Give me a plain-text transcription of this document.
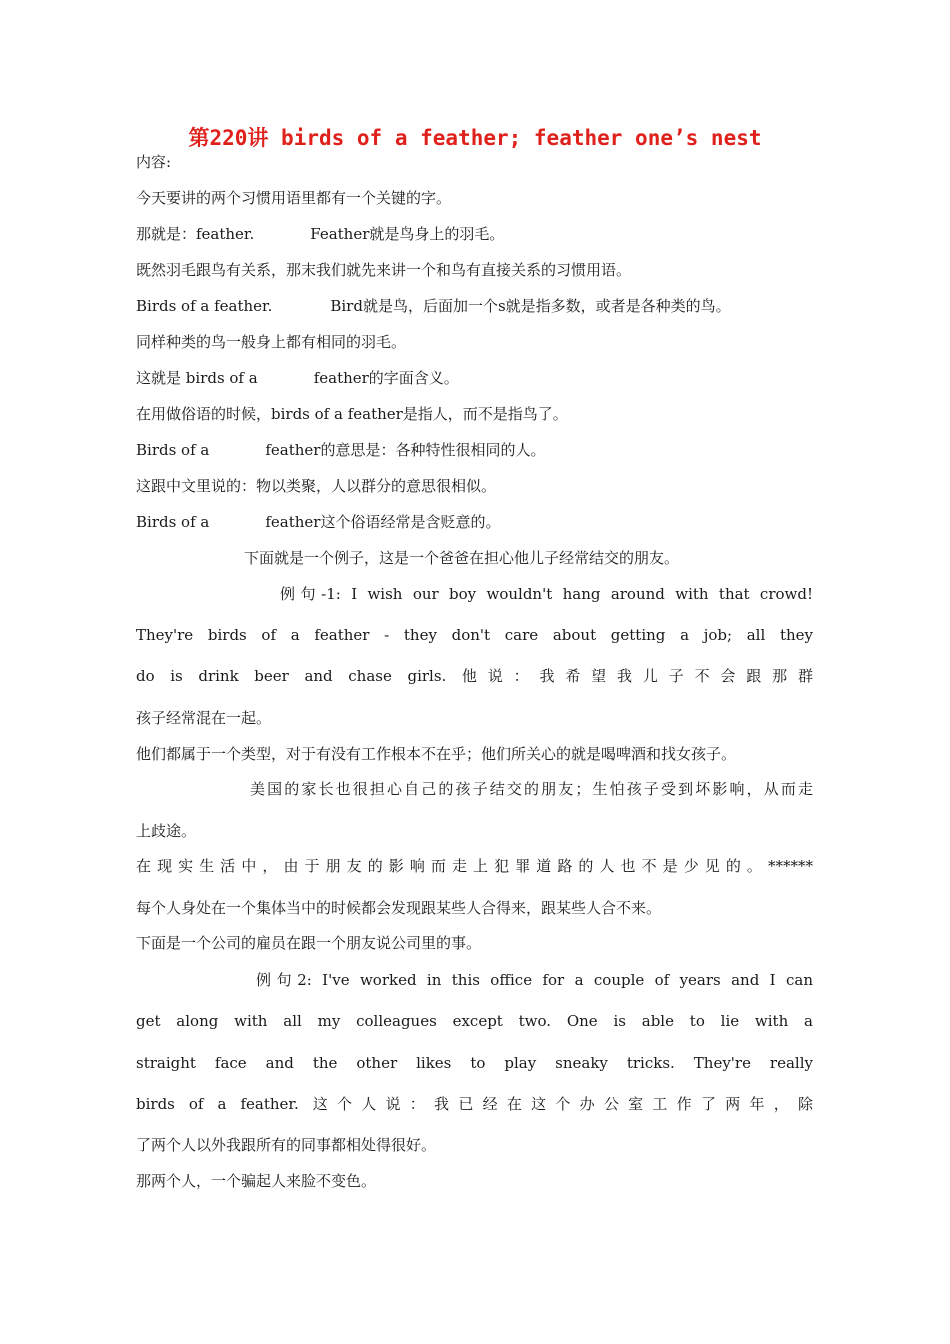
第220讲 birds of a feather; feather one’s nest
内容:
今天要讲的两个习惯用语里都有一个关键的字。
那就是：feather.	Feather就是鸟身上的羽毛。
既然羽毛跟鸟有关系，那末我们就先来讲一个和鸟有直接关系的习惯用语。
Birds of a feather.	Bird就是鸟，后面加一个s就是指多数，或者是各种类的鸟。
同样种类的鸟一般身上都有相同的羽毛。
这就是 birds of a	feather的字面含义。
在用做俗语的时候，birds of a feather是指人，而不是指鸟了。
Birds of a	feather的意思是：各种特性很相同的人。
这跟中文里说的：物以类聚，人以群分的意思很相似。
Birds of a	feather这个俗语经常是含贬意的。
下面就是一个例子，这是一个爸爸在担心他儿子经常结交的朋友。
例句-1: I wish our boy wouldn't hang around with that crowd!
They're birds of a feather - they don't care about getting a job; all they
do is drink beer and chase girls. 他说：我希望我儿子不会跟那群
孩子经常混在一起。
他们都属于一个类型，对于有没有工作根本不在乎；他们所关心的就是喝啤酒和找女孩子。
美国的家长也很担心自己的孩子结交的朋友；生怕孩子受到坏影响，从而走
上歧途。
在现实生活中，由于朋友的影响而走上犯罪道路的人也不是少见的。******
每个人身处在一个集体当中的时候都会发现跟某些人合得来，跟某些人合不来。
下面是一个公司的雇员在跟一个朋友说公司里的事。
例句2: I've worked in this office for a couple of years and I can
get along with all my colleagues except two. One is able to lie with a
straight face and the other likes to play sneaky tricks. They're really
birds of a feather. 这个人说：我已经在这个办公室工作了两年，除
了两个人以外我跟所有的同事都相处得很好。
那两个人，一个骗起人来脸不变色。
